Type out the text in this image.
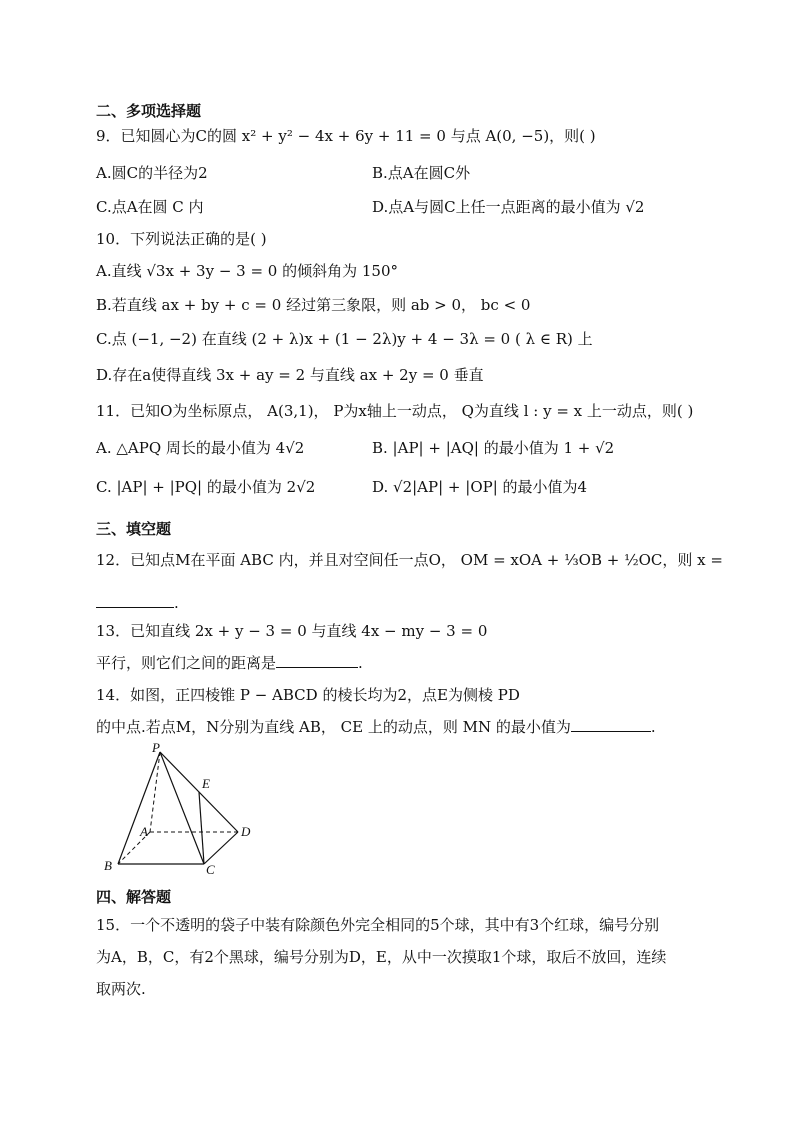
二、多项选择题
9．已知圆心为C的圆 x² + y² − 4x + 6y + 11 = 0 与点 A(0, −5)，则( )
A.圆C的半径为2	B.点A在圆C外
C.点A在圆 C 内	D.点A与圆C上任一点距离的最小值为 √2
10．下列说法正确的是( )
A.直线 √3x + 3y − 3 = 0 的倾斜角为 150°
B.若直线 ax + by + c = 0 经过第三象限，则 ab > 0， bc < 0
C.点 (−1, −2) 在直线 (2 + λ)x + (1 − 2λ)y + 4 − 3λ = 0 ( λ ∈ R) 上
D.存在a使得直线 3x + ay = 2 与直线 ax + 2y = 0 垂直
11．已知O为坐标原点， A(3,1)， P为x轴上一动点， Q为直线 l : y = x 上一动点，则( )
A. △APQ 周长的最小值为 4√2	B. |AP| + |AQ| 的最小值为 1 + √2
C. |AP| + |PQ| 的最小值为 2√2	D. √2|AP| + |OP| 的最小值为4
三、填空题
12．已知点M在平面 ABC 内，并且对空间任一点O， OM = xOA + ⅓OB + ½OC，则 x =
.
13．已知直线 2x + y − 3 = 0 与直线 4x − my − 3 = 0
平行，则它们之间的距离是	.
14．如图，正四棱锥 P − ABCD 的棱长均为2，点E为侧棱 PD
的中点.若点M，N分别为直线 AB， CE 上的动点，则 MN 的最小值为	.
P
E
A	D
B	C
四、解答题
15．一个不透明的袋子中装有除颜色外完全相同的5个球，其中有3个红球，编号分别
为A，B，C，有2个黑球，编号分别为D，E，从中一次摸取1个球，取后不放回，连续
取两次.
